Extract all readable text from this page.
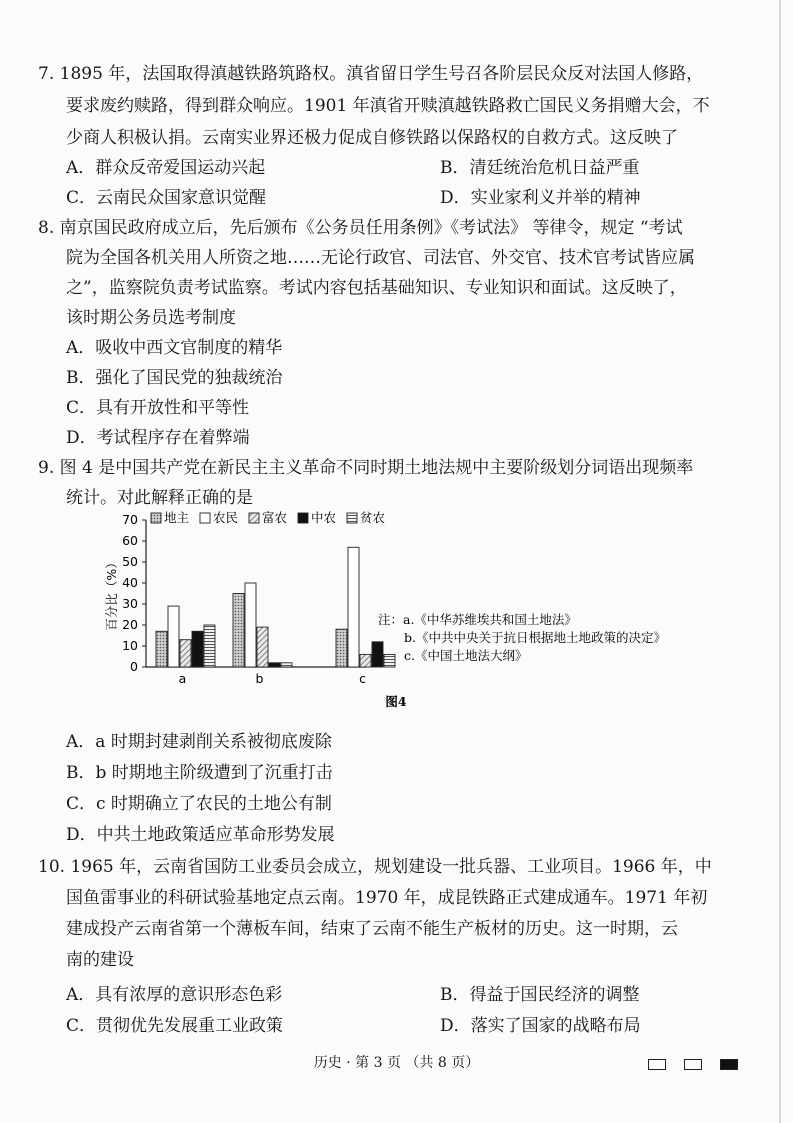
7. 1895 年，法国取得滇越铁路筑路权。滇省留日学生号召各阶层民众反对法国人修路，
要求废约赎路，得到群众响应。1901 年滇省开赎滇越铁路救亡国民义务捐赠大会，不
少商人积极认捐。云南实业界还极力促成自修铁路以保路权的自救方式。这反映了
A．群众反帝爱国运动兴起	B．清廷统治危机日益严重
C．云南民众国家意识觉醒	D．实业家利义并举的精神
8. 南京国民政府成立后，先后颁布《公务员任用条例》《考试法》 等律令，规定 “考试
院为全国各机关用人所资之地……无论行政官、司法官、外交官、技术官考试皆应属
之”，监察院负责考试监察。考试内容包括基础知识、专业知识和面试。这反映了，
该时期公务员选考制度
A．吸收中西文官制度的精华
B．强化了国民党的独裁统治
C．具有开放性和平等性
D．考试程序存在着弊端
9. 图 4 是中国共产党在新民主主义革命不同时期土地法规中主要阶级划分词语出现频率
统计。对此解释正确的是
0
10
20
30
40
50
60
70
百分比（%）
a	b	c
地主 农民 富农 中农 贫农
注：a.《中华苏维埃共和国土地法》
b.《中共中央关于抗日根据地土地政策的决定》
c.《中国土地法大纲》
图4
A．a 时期封建剥削关系被彻底废除
B．b 时期地主阶级遭到了沉重打击
C．c 时期确立了农民的土地公有制
D．中共土地政策适应革命形势发展
10. 1965 年，云南省国防工业委员会成立，规划建设一批兵器、工业项目。1966 年，中
国鱼雷事业的科研试验基地定点云南。1970 年，成昆铁路正式建成通车。1971 年初
建成投产云南省第一个薄板车间，结束了云南不能生产板材的历史。这一时期，云
南的建设
A．具有浓厚的意识形态色彩	B．得益于国民经济的调整
C．贯彻优先发展重工业政策	D．落实了国家的战略布局
历史 · 第 3 页 （共 8 页）
